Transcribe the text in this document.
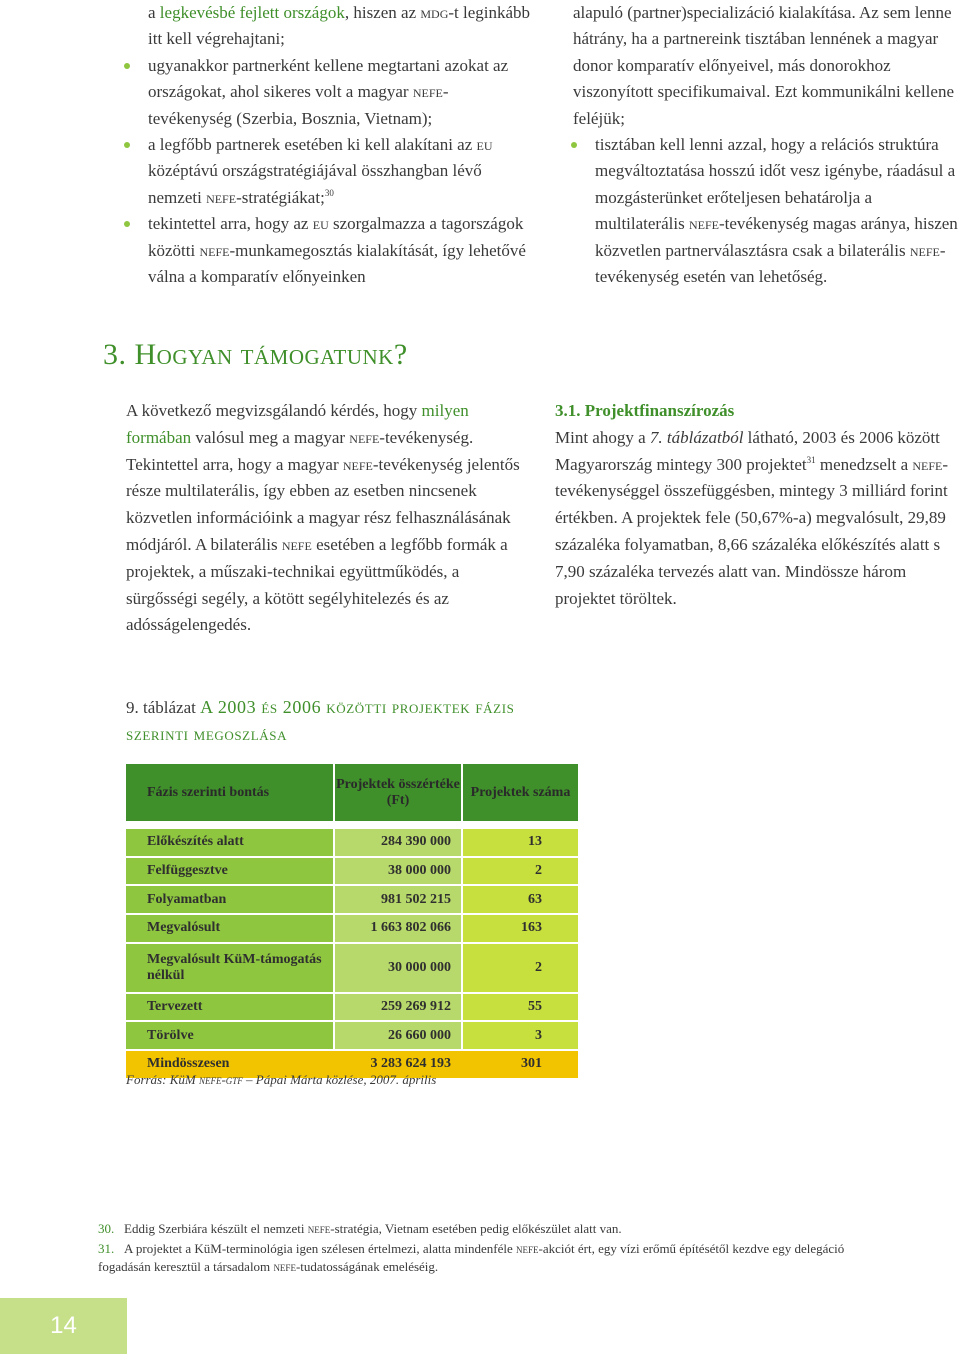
a legkevésbé fejlett országok, hiszen az mdg-t leginkább itt kell végrehajtani;

ugyanakkor partnerként kellene megtartani azokat az országokat, ahol sikeres volt a magyar nefe-tevékenység (Szerbia, Bosznia, Vietnam);

a legfőbb partnerek esetében ki kell alakítani az eu középtávú országstratégiájával összhangban lévő nemzeti nefe-stratégiákat;$^{30}$

tekintettel arra, hogy az eu szorgalmazza a tagországok közötti nefe-munkamegosztás kialakítását, így lehetővé válna a komparatív előnyeinken

alapuló (partner)specializáció kialakítása. Az sem lenne hátrány, ha a partnereink tisztában lennének a magyar donor komparatív előnyeivel, más donorokhoz viszonyított specifikumaival. Ezt kommunikálni kellene feléjük;

tisztában kell lenni azzal, hogy a relációs struktúra megváltoztatása hosszú időt vesz igénybe, ráadásul a mozgásterünket erőteljesen behatárolja a multilaterális nefe-tevékenység magas aránya, hiszen közvetlen partnerválasztásra csak a bilaterális nefe-tevékenység esetén van lehetőség.

3. Hogyan támogatunk?

A következő megvizsgálandó kérdés, hogy milyen formában valósul meg a magyar nefe-tevékenység. Tekintettel arra, hogy a magyar nefe-tevékenység jelentős része multilaterális, így ebben az esetben nincsenek közvetlen információink a magyar rész felhasználásának módjáról. A bilaterális nefe esetében a legfőbb formák a projektek, a műszaki-technikai együttműködés, a sürgősségi segély, a kötött segélyhitelezés és az adósságelengedés.

3.1. Projektfinanszírozás

Mint ahogy a 7. táblázatból látható, 2003 és 2006 között Magyarország mintegy 300 projektet$^{31}$ menedzselt a nefe-tevékenységgel összefüggésben, mintegy 3 milliárd forint értékben. A projektek fele (50,67%-a) megvalósult, 29,89 százaléka folyamatban, 8,66 százaléka előkészítés alatt s 7,90 százaléka tervezés alatt van. Mindössze három projektet töröltek.

9. táblázat A 2003 és 2006 közötti projektek fázis szerinti megoszlása
Fázis szerinti bontás		Projektek összértéke (Ft)		Projektek száma

Előkészítés alatt		284 390 000		13

Felfüggesztve		38 000 000		2

Folyamatban		981 502 215		63

Megvalósult		1 663 802 066		163

Megvalósult KüM-támogatás nélkül		30 000 000		2

Tervezett		259 269 912		55

Törölve		26 660 000		3

Mindösszesen		3 283 624 193		301
Forrás: KüM nefe-gtf – Pápai Márta közlése, 2007. április

30. Eddig Szerbiára készült el nemzeti nefe-stratégia, Vietnam esetében pedig előkészület alatt van.

31. A projektet a KüM-terminológia igen szélesen értelmezi, alatta mindenféle nefe-akciót ért, egy vízi erőmű építésétől kezdve egy delegáció fogadásán keresztül a társadalom nefe-tudatosságának emeléséig.

14
